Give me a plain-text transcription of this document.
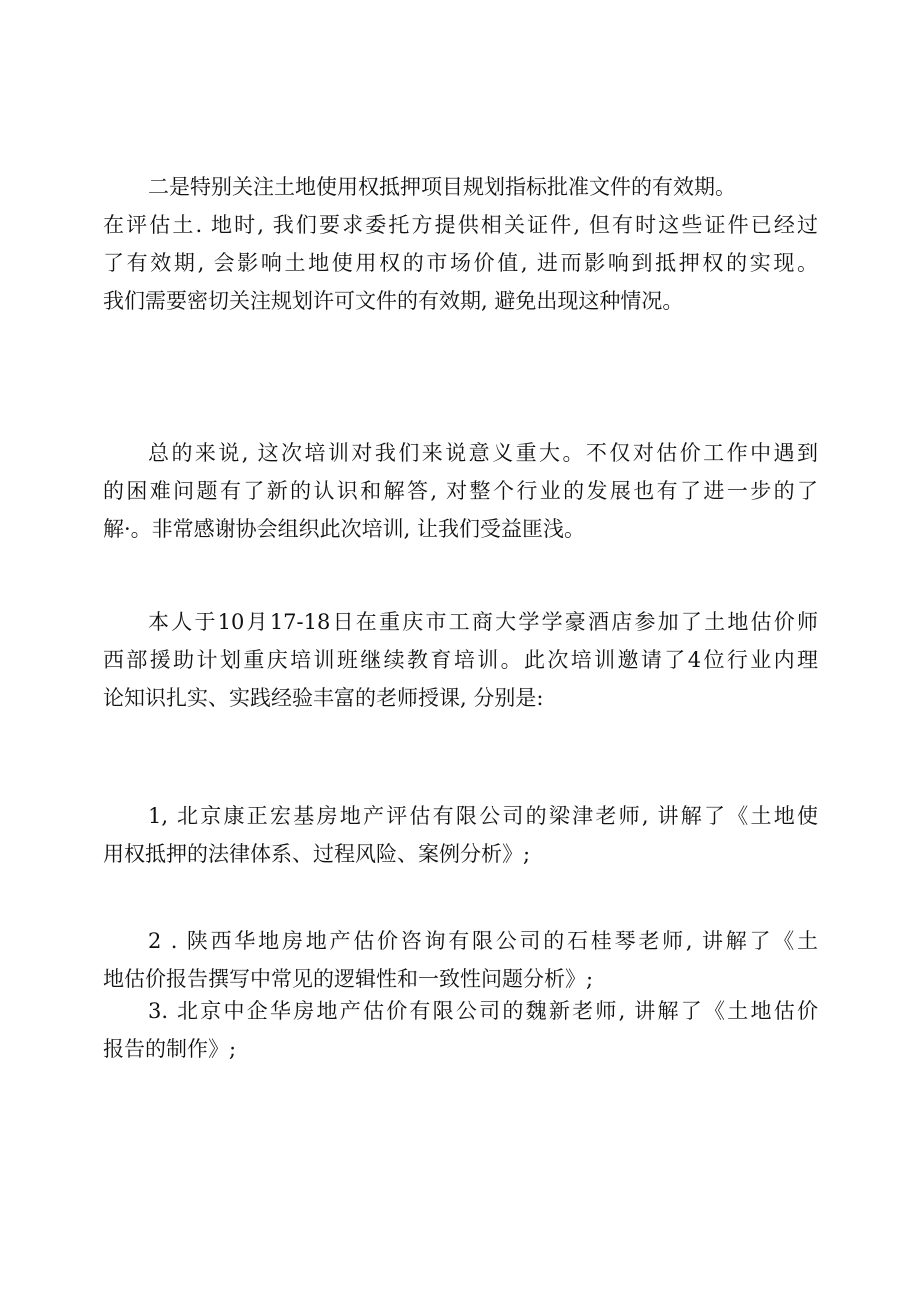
二是特别关注土地使用权抵押项目规划指标批准文件的有效期。
在评估土. 地时, 我们要求委托方提供相关证件, 但有时这些证件已经过
了有效期, 会影响土地使用权的市场价值, 进而影响到抵押权的实现。
我们需要密切关注规划许可文件的有效期, 避免出现这种情况。
总的来说, 这次培训对我们来说意义重大。不仅对估价工作中遇到
的困难问题有了新的认识和解答, 对整个行业的发展也有了进一步的了
解·。非常感谢协会组织此次培训, 让我们受益匪浅。
本人于10月17-18日在重庆市工商大学学豪酒店参加了土地估价师
西部援助计划重庆培训班继续教育培训。此次培训邀请了4位行业内理
论知识扎实、实践经验丰富的老师授课, 分别是:
1, 北京康正宏基房地产评估有限公司的梁津老师, 讲解了《土地使
用权抵押的法律体系、过程风险、案例分析》;
2 . 陕西华地房地产估价咨询有限公司的石桂琴老师, 讲解了《土
地估价报告撰写中常见的逻辑性和一致性问题分析》;
3. 北京中企华房地产估价有限公司的魏新老师, 讲解了《土地估价
报告的制作》;
